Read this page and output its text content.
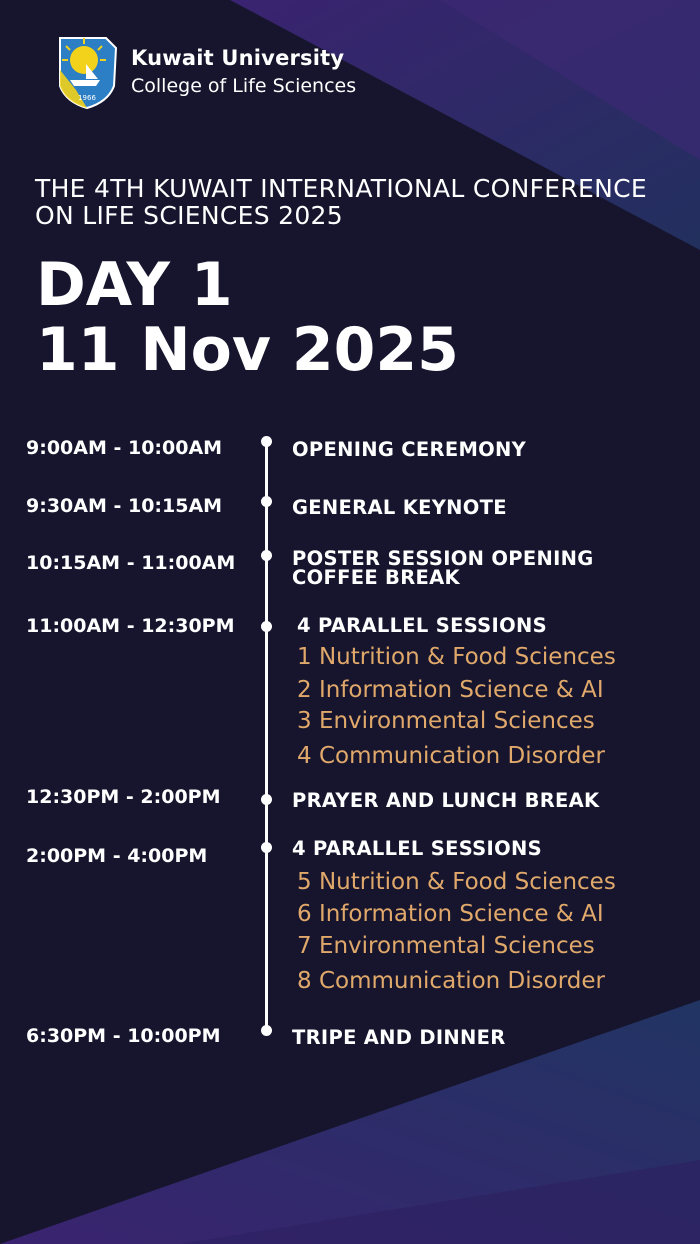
1966
Kuwait University
College of Life Sciences
THE 4TH KUWAIT INTERNATIONAL CONFERENCE
ON LIFE SCIENCES 2025
DAY 1
11 Nov 2025
9:00AM - 10:00AM	OPENING CEREMONY
9:30AM - 10:15AM	GENERAL KEYNOTE
10:15AM - 11:00AM	POSTER SESSION OPENING
COFFEE BREAK
11:00AM - 12:30PM	4 PARALLEL SESSIONS
1 Nutrition & Food Sciences
2 Information Science & AI
3 Environmental Sciences
4 Communication Disorder
12:30PM - 2:00PM	PRAYER AND LUNCH BREAK
2:00PM - 4:00PM	4 PARALLEL SESSIONS
5 Nutrition & Food Sciences
6 Information Science & AI
7 Environmental Sciences
8 Communication Disorder
6:30PM - 10:00PM	TRIPE AND DINNER
